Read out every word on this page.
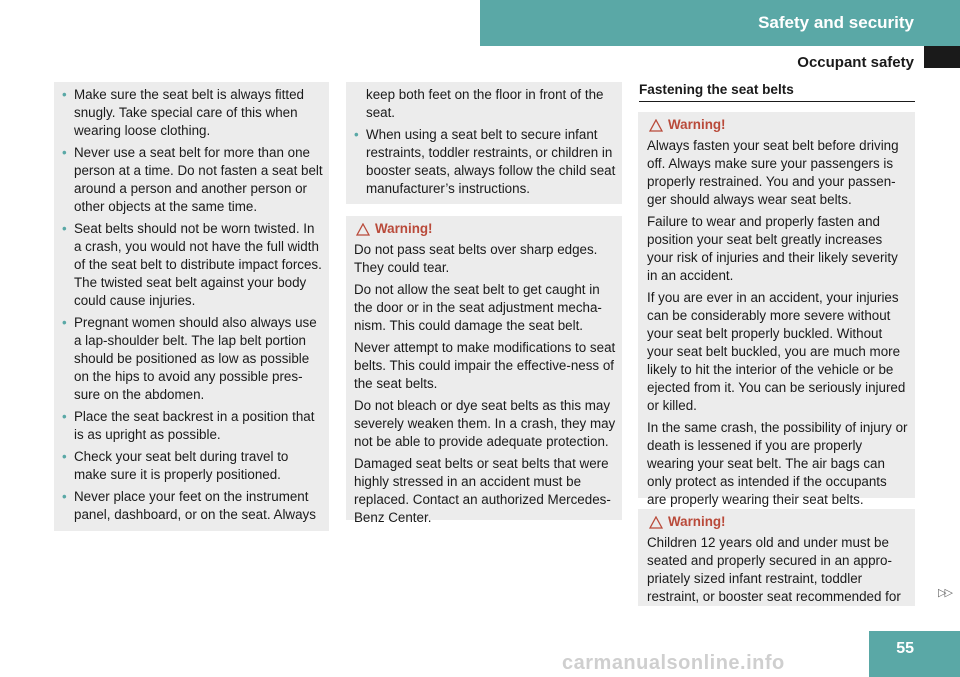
Safety and security
Occupant safety
• Make sure the seat belt is always fitted snugly. Take special care of this when wearing loose clothing.
• Never use a seat belt for more than one person at a time. Do not fasten a seat belt around a person and another person or other objects at the same time.
• Seat belts should not be worn twisted. In a crash, you would not have the full width of the seat belt to distribute impact forces. The twisted seat belt against your body could cause injuries.
• Pregnant women should also always use a lap-shoulder belt. The lap belt portion should be positioned as low as possible on the hips to avoid any possible pres-sure on the abdomen.
• Place the seat backrest in a position that is as upright as possible.
• Check your seat belt during travel to make sure it is properly positioned.
• Never place your feet on the instrument panel, dashboard, or on the seat. Always
keep both feet on the floor in front of the seat.
• When using a seat belt to secure infant restraints, toddler restraints, or children in booster seats, always follow the child seat manufacturer’s instructions.
Warning!
Do not pass seat belts over sharp edges. They could tear.
Do not allow the seat belt to get caught in the door or in the seat adjustment mecha-nism. This could damage the seat belt.
Never attempt to make modifications to seat belts. This could impair the effective-ness of the seat belts.
Do not bleach or dye seat belts as this may severely weaken them. In a crash, they may not be able to provide adequate protection.
Damaged seat belts or seat belts that were highly stressed in an accident must be replaced. Contact an authorized Mercedes-Benz Center.
Fastening the seat belts
Warning!
Always fasten your seat belt before driving off. Always make sure your passengers is properly restrained. You and your passen-ger should always wear seat belts.
Failure to wear and properly fasten and position your seat belt greatly increases your risk of injuries and their likely severity in an accident.
If you are ever in an accident, your injuries can be considerably more severe without your seat belt properly buckled. Without your seat belt buckled, you are much more likely to hit the interior of the vehicle or be ejected from it. You can be seriously injured or killed.
In the same crash, the possibility of injury or death is lessened if you are properly wearing your seat belt. The air bags can only protect as intended if the occupants are properly wearing their seat belts.
Warning!
Children 12 years old and under must be seated and properly secured in an appro-priately sized infant restraint, toddler restraint, or booster seat recommended for	▷▷
55
carmanualsonline.info
